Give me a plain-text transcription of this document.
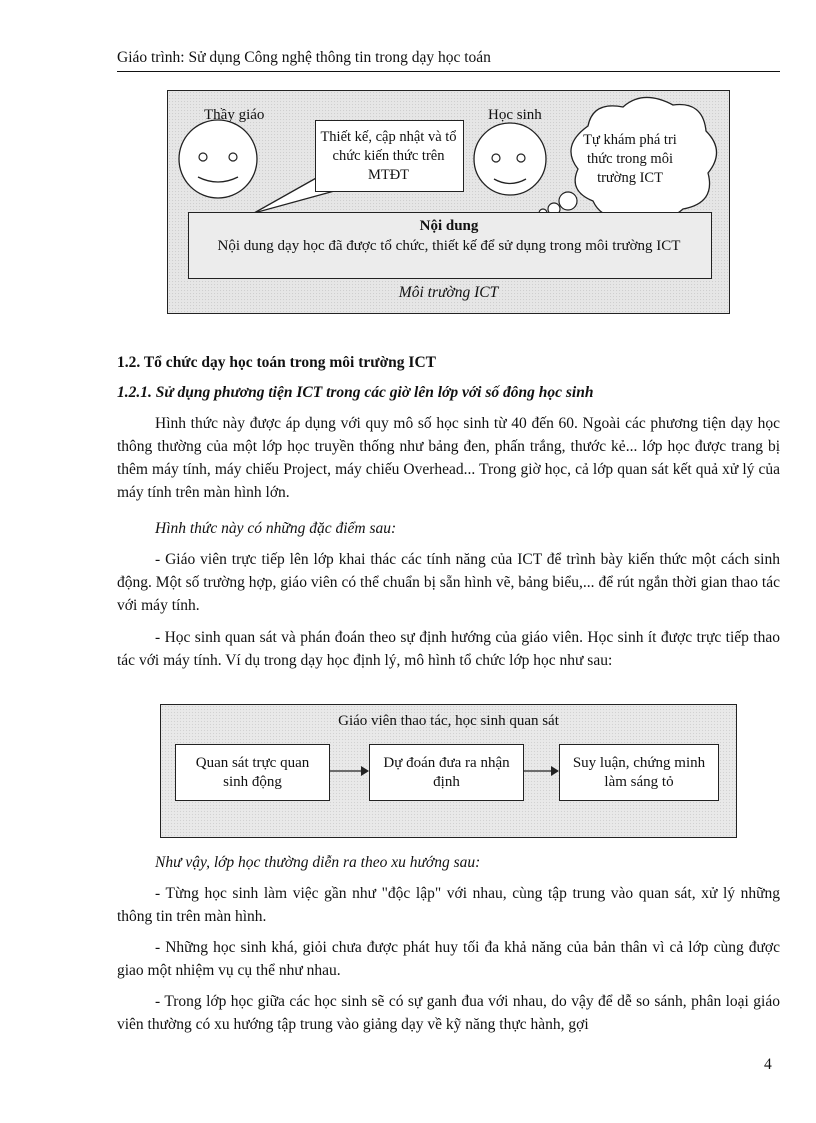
Giáo trình: Sử dụng Công nghệ thông tin trong dạy học toán
Thầy giáo	Học sinh
Thiết kế, cập nhật và tổ chức kiến thức trên MTĐT
Tự khám phá tri thức trong môi trường ICT
Nội dung
Nội dung dạy học đã được tổ chức, thiết kế để sử dụng trong môi trường ICT
Môi trường ICT
1.2. Tổ chức dạy học toán trong môi trường ICT
1.2.1. Sử dụng phương tiện ICT trong các giờ lên lớp với số đông học sinh
Hình thức này được áp dụng với quy mô số học sinh từ 40 đến 60. Ngoài các phương tiện dạy học thông thường của một lớp học truyền thống như bảng đen, phấn trắng, thước kẻ... lớp học được trang bị thêm máy tính, máy chiếu Project, máy chiếu Overhead... Trong giờ học, cả lớp quan sát kết quả xử lý của máy tính trên màn hình lớn.
Hình thức này có những đặc điểm sau:
- Giáo viên trực tiếp lên lớp khai thác các tính năng của ICT để trình bày kiến thức một cách sinh động. Một số trường hợp, giáo viên có thể chuẩn bị sẵn hình vẽ, bảng biểu,... để rút ngắn thời gian thao tác với máy tính.
- Học sinh quan sát và phán đoán theo sự định hướng của giáo viên. Học sinh ít được trực tiếp thao tác với máy tính. Ví dụ trong dạy học định lý, mô hình tổ chức lớp học như sau:
Giáo viên thao tác, học sinh quan sát
Quan sát trực quan sinh động
Dự đoán đưa ra nhận định
Suy luận, chứng minh làm sáng tỏ
Như vậy, lớp học thường diễn ra theo xu hướng sau:
- Từng học sinh làm việc gần như "độc lập" với nhau, cùng tập trung vào quan sát, xử lý những thông tin trên màn hình.
- Những học sinh khá, giỏi chưa được phát huy tối đa khả năng của bản thân vì cả lớp cùng được giao một nhiệm vụ cụ thể như nhau.
- Trong lớp học giữa các học sinh sẽ có sự ganh đua với nhau, do vậy để dễ so sánh, phân loại giáo viên thường có xu hướng tập trung vào giảng dạy về kỹ năng thực hành, gợi
4
